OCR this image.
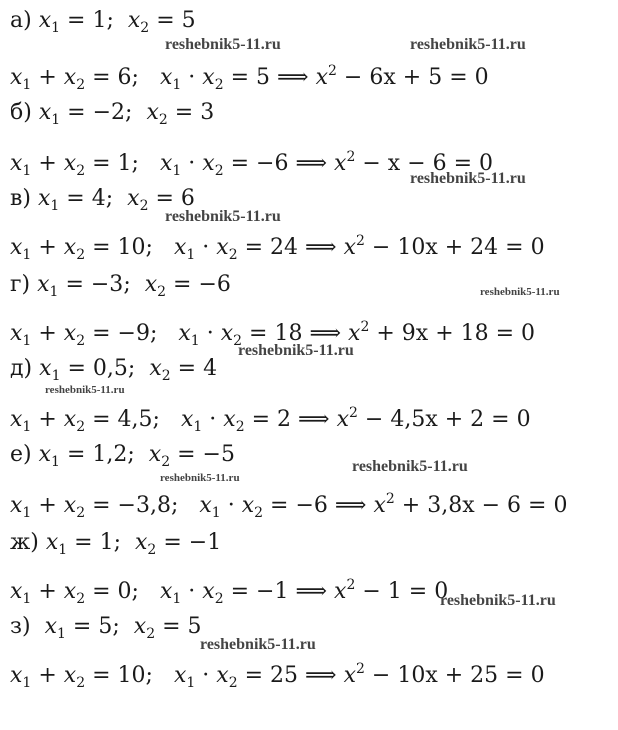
а) $x_1 = 1$;  $x_2 = 5$
$x_1 + x_2 = 6$;   $x_1 \cdot x_2 = 5$ ⟹ $x^2 - 6x + 5 = 0$
б) $x_1 = -2$;  $x_2 = 3$
$x_1 + x_2 = 1$;   $x_1 \cdot x_2 = -6$ ⟹ $x^2 - x - 6 = 0$
в) $x_1 = 4$;  $x_2 = 6$
$x_1 + x_2 = 10$;   $x_1 \cdot x_2 = 24$ ⟹ $x^2 - 10x + 24 = 0$
г) $x_1 = -3$;  $x_2 = -6$
$x_1 + x_2 = -9$;   $x_1 \cdot x_2 = 18$ ⟹ $x^2 + 9x + 18 = 0$
д) $x_1 = 0,5$;  $x_2 = 4$
$x_1 + x_2 = 4,5$;   $x_1 \cdot x_2 = 2$ ⟹ $x^2 - 4,5x + 2 = 0$
е) $x_1 = 1,2$;  $x_2 = -5$
$x_1 + x_2 = -3,8$;   $x_1 \cdot x_2 = -6$ ⟹ $x^2 + 3,8x - 6 = 0$
ж) $x_1 = 1$;  $x_2 = -1$
$x_1 + x_2 = 0$;   $x_1 \cdot x_2 = -1$ ⟹ $x^2 - 1 = 0$
з) $x_1 = 5$;  $x_2 = 5$
$x_1 + x_2 = 10$;   $x_1 \cdot x_2 = 25$ ⟹ $x^2 - 10x + 25 = 0$
reshebnik5-11.ru	reshebnik5-11.ru
reshebnik5-11.ru
reshebnik5-11.ru
reshebnik5-11.ru
reshebnik5-11.ru
reshebnik5-11.ru
reshebnik5-11.ru
reshebnik5-11.ru
reshebnik5-11.ru
reshebnik5-11.ru
